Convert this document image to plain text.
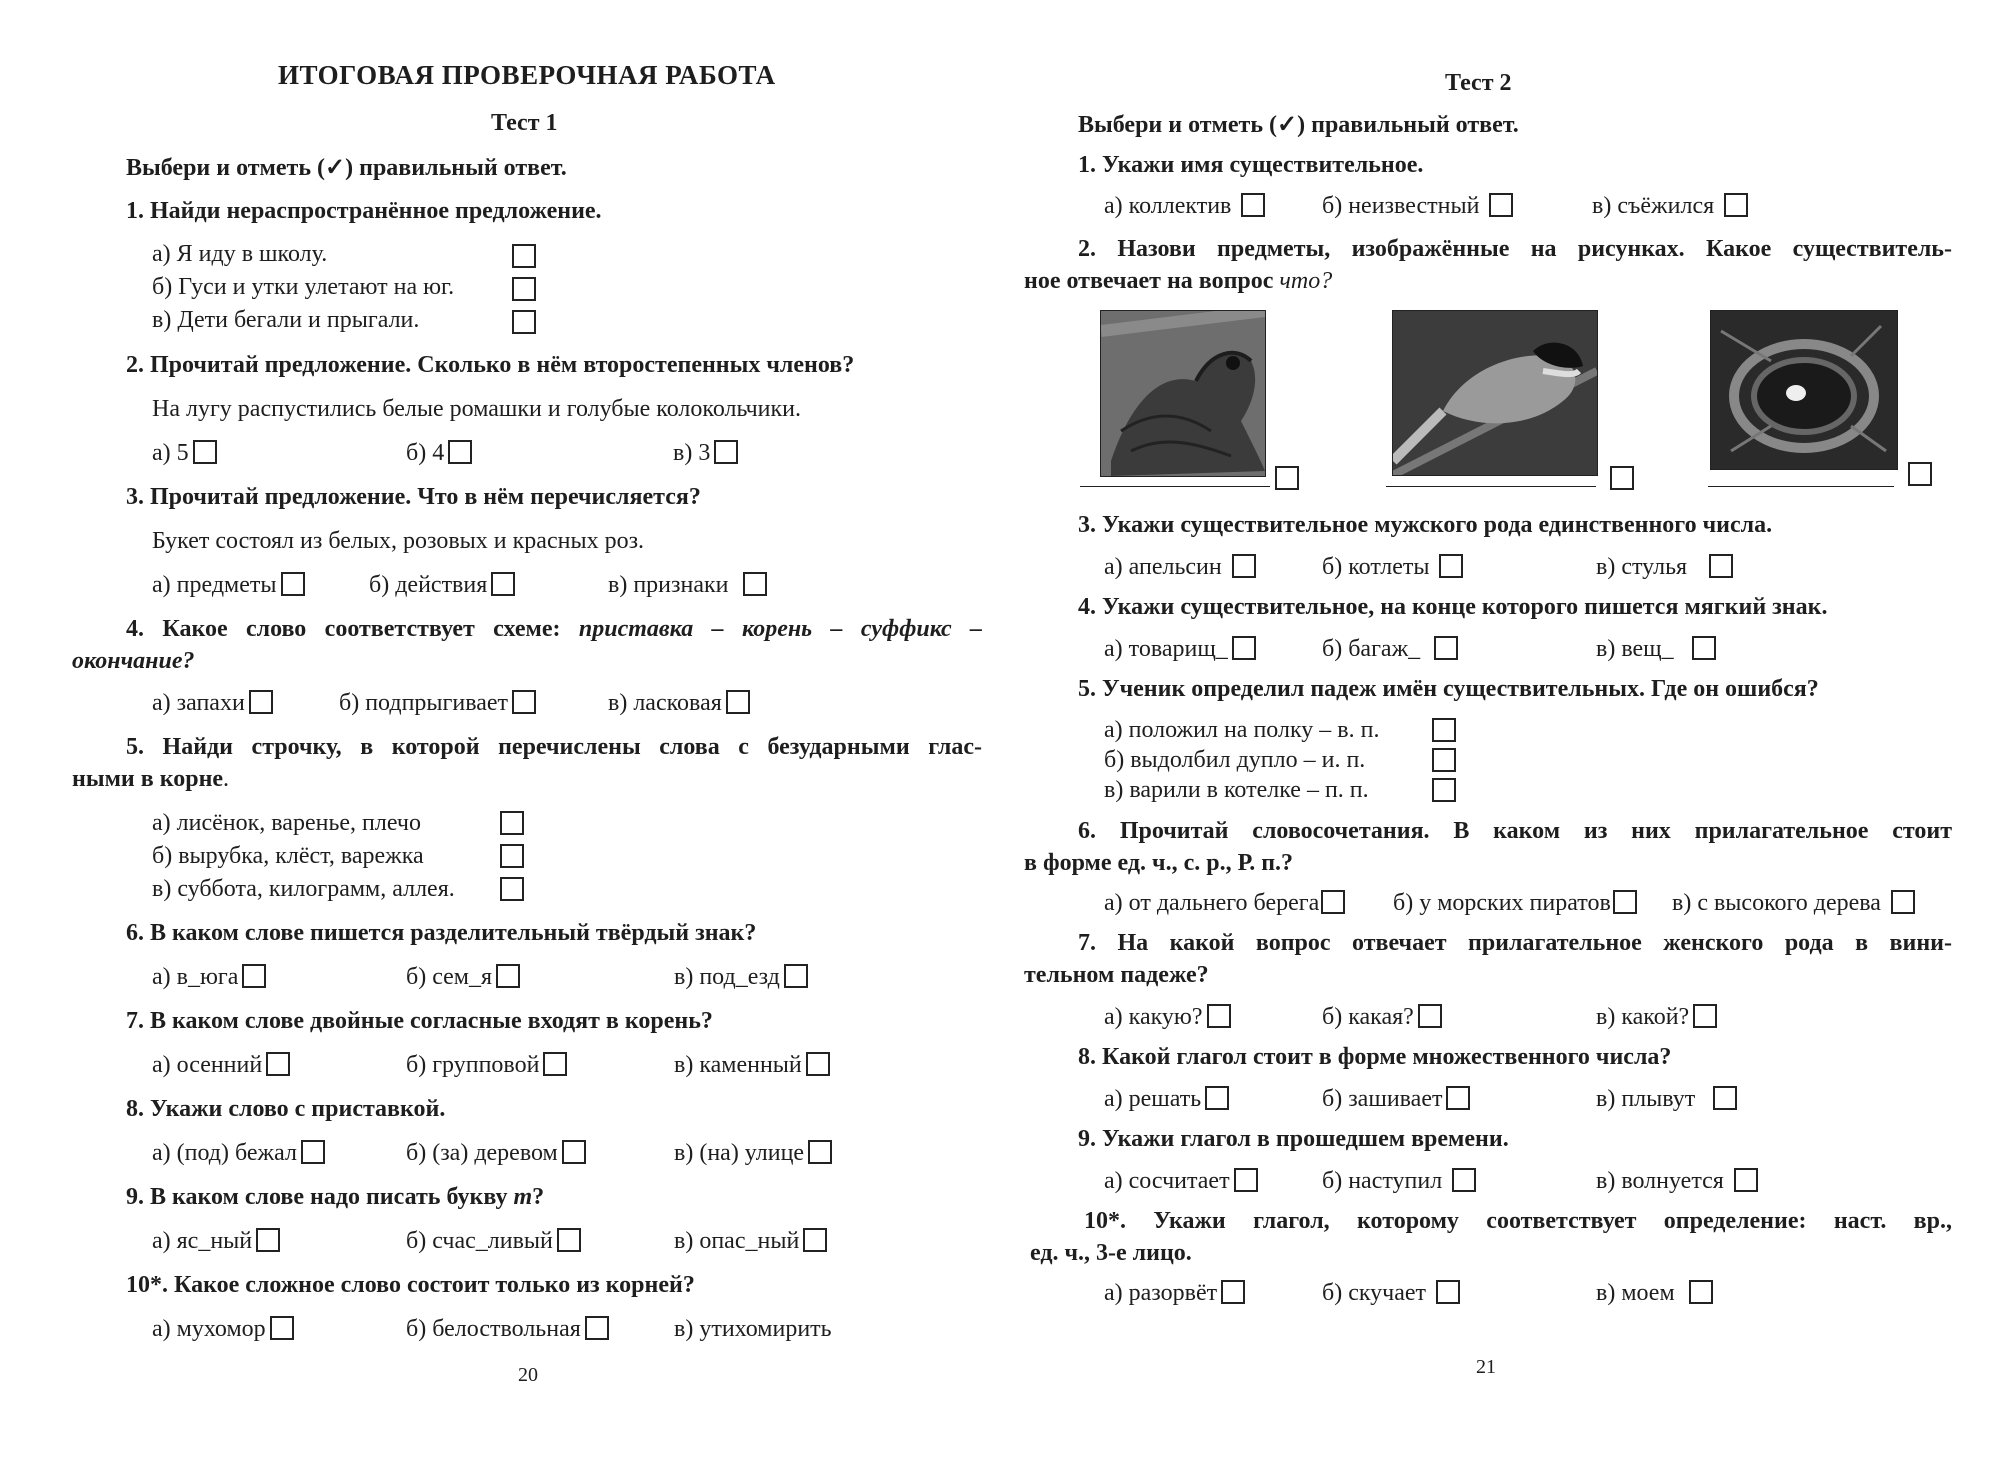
ИТОГОВАЯ ПРОВЕРОЧНАЯ РАБОТА
Тест 1
Выбери и отметь (✓) правильный ответ.
1. Найди нераспространённое предложение.
а) Я иду в школу.
б) Гуси и утки улетают на юг.
в) Дети бегали и прыгали.
2. Прочитай предложение. Сколько в нём второстепенных членов?
На лугу распустились белые ромашки и голубые колокольчики.
а) 5	б) 4	в) 3
3. Прочитай предложение. Что в нём перечисляется?
Букет состоял из белых, розовых и красных роз.
а) предметы	б) действия	в) признаки
4. Какое слово соответствует схеме: приставка – корень – суффикс –
окончание?
а) запахи	б) подпрыгивает	в) ласковая
5. Найди строчку, в которой перечислены слова с безударными глас-
ными в корне.
а) лисёнок, варенье, плечо
б) вырубка, клёст, варежка
в) суббота, килограмм, аллея.
6. В каком слове пишется разделительный твёрдый знак?
а) в_юга	б) сем_я	в) под_езд
7. В каком слове двойные согласные входят в корень?
а) осенний	б) групповой	в) каменный
8. Укажи слово с приставкой.
а) (под) бежал	б) (за) деревом	в) (на) улице
9. В каком слове надо писать букву т?
а) яс_ный	б) счас_ливый	в) опас_ный
10*. Какое сложное слово состоит только из корней?
а) мухомор	б) белоствольная	в) утихомирить
20
Тест 2
Выбери и отметь (✓) правильный ответ.
1. Укажи имя существительное.
а) коллектив	б) неизвестный	в) съёжился
2. Назови предметы, изображённые на рисунках. Какое существитель-
ное отвечает на вопрос что?
3. Укажи существительное мужского рода единственного числа.
а) апельсин	б) котлеты	в) стулья
4. Укажи существительное, на конце которого пишется мягкий знак.
а) товарищ_	б) багаж_	в) вещ_
5. Ученик определил падеж имён существительных. Где он ошибся?
а) положил на полку – в. п.
б) выдолбил дупло – и. п.
в) варили в котелке – п. п.
6. Прочитай словосочетания. В каком из них прилагательное стоит
в форме ед. ч., с. р., Р. п.?
а) от дальнего берега	б) у морских пиратов	в) с высокого дерева
7. На какой вопрос отвечает прилагательное женского рода в вини-
тельном падеже?
а) какую?	б) какая?	в) какой?
8. Какой глагол стоит в форме множественного числа?
а) решать	б) зашивает	в) плывут
9. Укажи глагол в прошедшем времени.
а) сосчитает	б) наступил	в) волнуется
10*. Укажи глагол, которому соответствует определение: наст. вр.,
ед. ч., 3-е лицо.
а) разорвёт	б) скучает	в) моем
21
